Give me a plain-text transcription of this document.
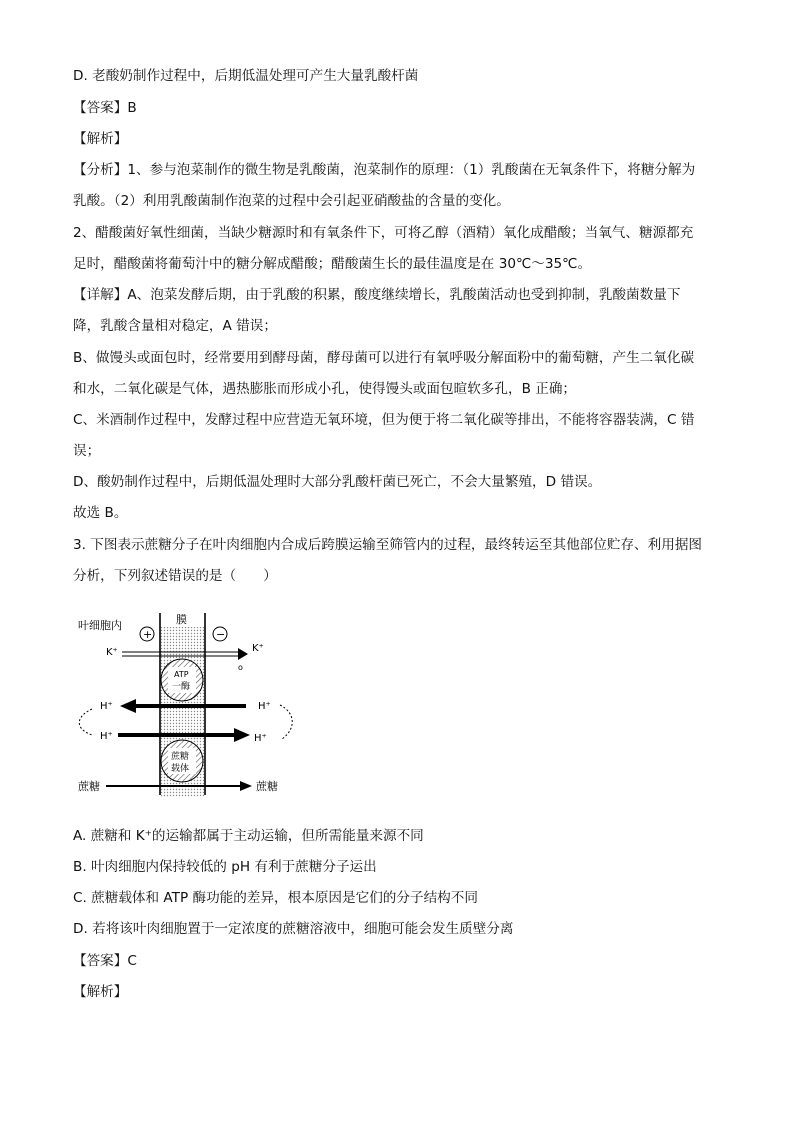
D. 老酸奶制作过程中，后期低温处理可产生大量乳酸杆菌
【答案】B
【解析】
【分析】1、参与泡菜制作的微生物是乳酸菌，泡菜制作的原理：（1）乳酸菌在无氧条件下，将糖分解为
乳酸。（2）利用乳酸菌制作泡菜的过程中会引起亚硝酸盐的含量的变化。
2、醋酸菌好氧性细菌，当缺少糖源时和有氧条件下，可将乙醇（酒精）氧化成醋酸；当氧气、糖源都充
足时，醋酸菌将葡萄汁中的糖分解成醋酸；醋酸菌生长的最佳温度是在 30℃～35℃。
【详解】A、泡菜发酵后期，由于乳酸的积累，酸度继续增长，乳酸菌活动也受到抑制，乳酸菌数量下
降，乳酸含量相对稳定，A 错误；
B、做馒头或面包时，经常要用到酵母菌，酵母菌可以进行有氧呼吸分解面粉中的葡萄糖，产生二氧化碳
和水，二氧化碳是气体，遇热膨胀而形成小孔，使得馒头或面包暄软多孔，B 正确；
C、米酒制作过程中，发酵过程中应营造无氧环境，但为便于将二氧化碳等排出，不能将容器装满，C 错
误；
D、酸奶制作过程中，后期低温处理时大部分乳酸杆菌已死亡，不会大量繁殖，D 错误。
故选 B。
3. 下图表示蔗糖分子在叶肉细胞内合成后跨膜运输至筛管内的过程，最终转运至其他部位贮存、利用据图
分析，下列叙述错误的是（　　）
叶细胞内	膜
+	−
K⁺	K⁺
o
ATP
一酶
H⁺	H⁺
H⁺	H⁺
蔗糖
载体
蔗糖	蔗糖
A. 蔗糖和 K⁺的运输都属于主动运输，但所需能量来源不同
B. 叶肉细胞内保持较低的 pH 有利于蔗糖分子运出
C. 蔗糖载体和 ATP 酶功能的差异，根本原因是它们的分子结构不同
D. 若将该叶肉细胞置于一定浓度的蔗糖溶液中，细胞可能会发生质壁分离
【答案】C
【解析】
